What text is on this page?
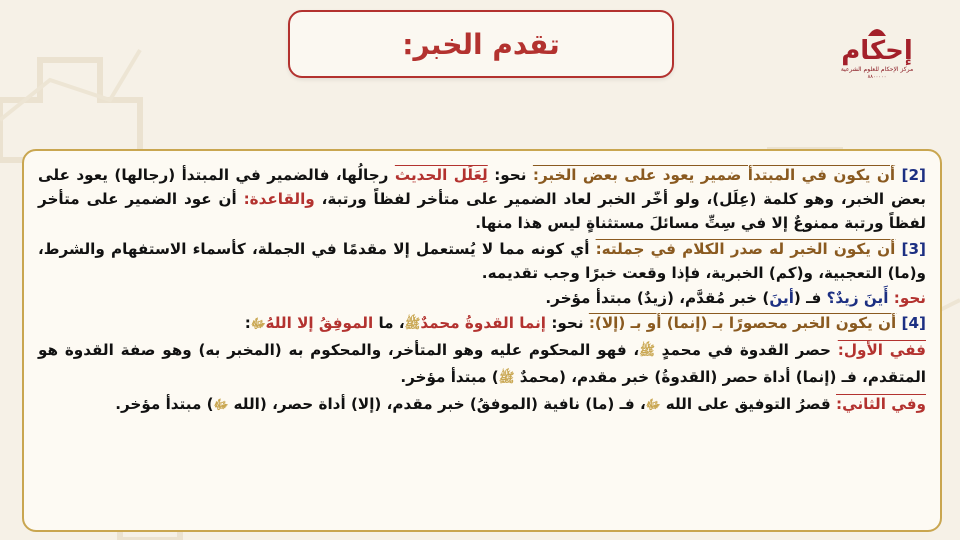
تقدم الخبر:	إحكام
مركز الإحكام للعلوم الشرعية
٨٨٠٠٠٠٠

[2] أن يكون في المبتدأ ضمير يعود على بعض الخبر: نحو: لِعَلَل الحديث رجالُها، فالضمير في المبتدأ (رجالها) يعود على بعض الخبر، وهو كلمة (عِلَل)، ولو أخّر الخبر لعاد الضمير على متأخر لفظاً ورتبة، والقاعدة: أن عود الضمير على متأخر لفظاً ورتبة ممنوعٌ إلا في سِتِّ مسائلَ مستثناةٍ ليس هذا منها.

[3] أن يكون الخبر له صدر الكلام في جملته: أي كونه مما لا يُستعمل إلا مقدمًا في الجملة، كأسماء الاستفهام والشرط، و(ما) التعجبية، و(كم) الخبرية، فإذا وقعت خبرًا وجب تقديمه.

نحو: أَينَ زيدٌ؟ فـ (أينَ) خبر مُقدَّم، (زيدٌ) مبتدأ مؤخر.

[4] أن يكون الخبر محصورًا بـ (إنما) أو بـ (إلا): نحو: إنما القدوةُ محمدٌﷺ، ما الموفِقُ إلا اللهُﷻ:

ففي الأول: حصر القدوة في محمدٍ ﷺ، فهو المحكوم عليه وهو المتأخر، والمحكوم به (المخبر به) وهو صفة القدوة هو المتقدم، فـ (إنما) أداة حصر (القدوةُ) خبر مقدم، (محمدٌ ﷺ) مبتدأ مؤخر.

وفي الثاني: قصرُ التوفيق على الله ﷻ، فـ (ما) نافية (الموفقُ) خبر مقدم، (إلا) أداة حصر، (الله ﷻ) مبتدأ مؤخر.
